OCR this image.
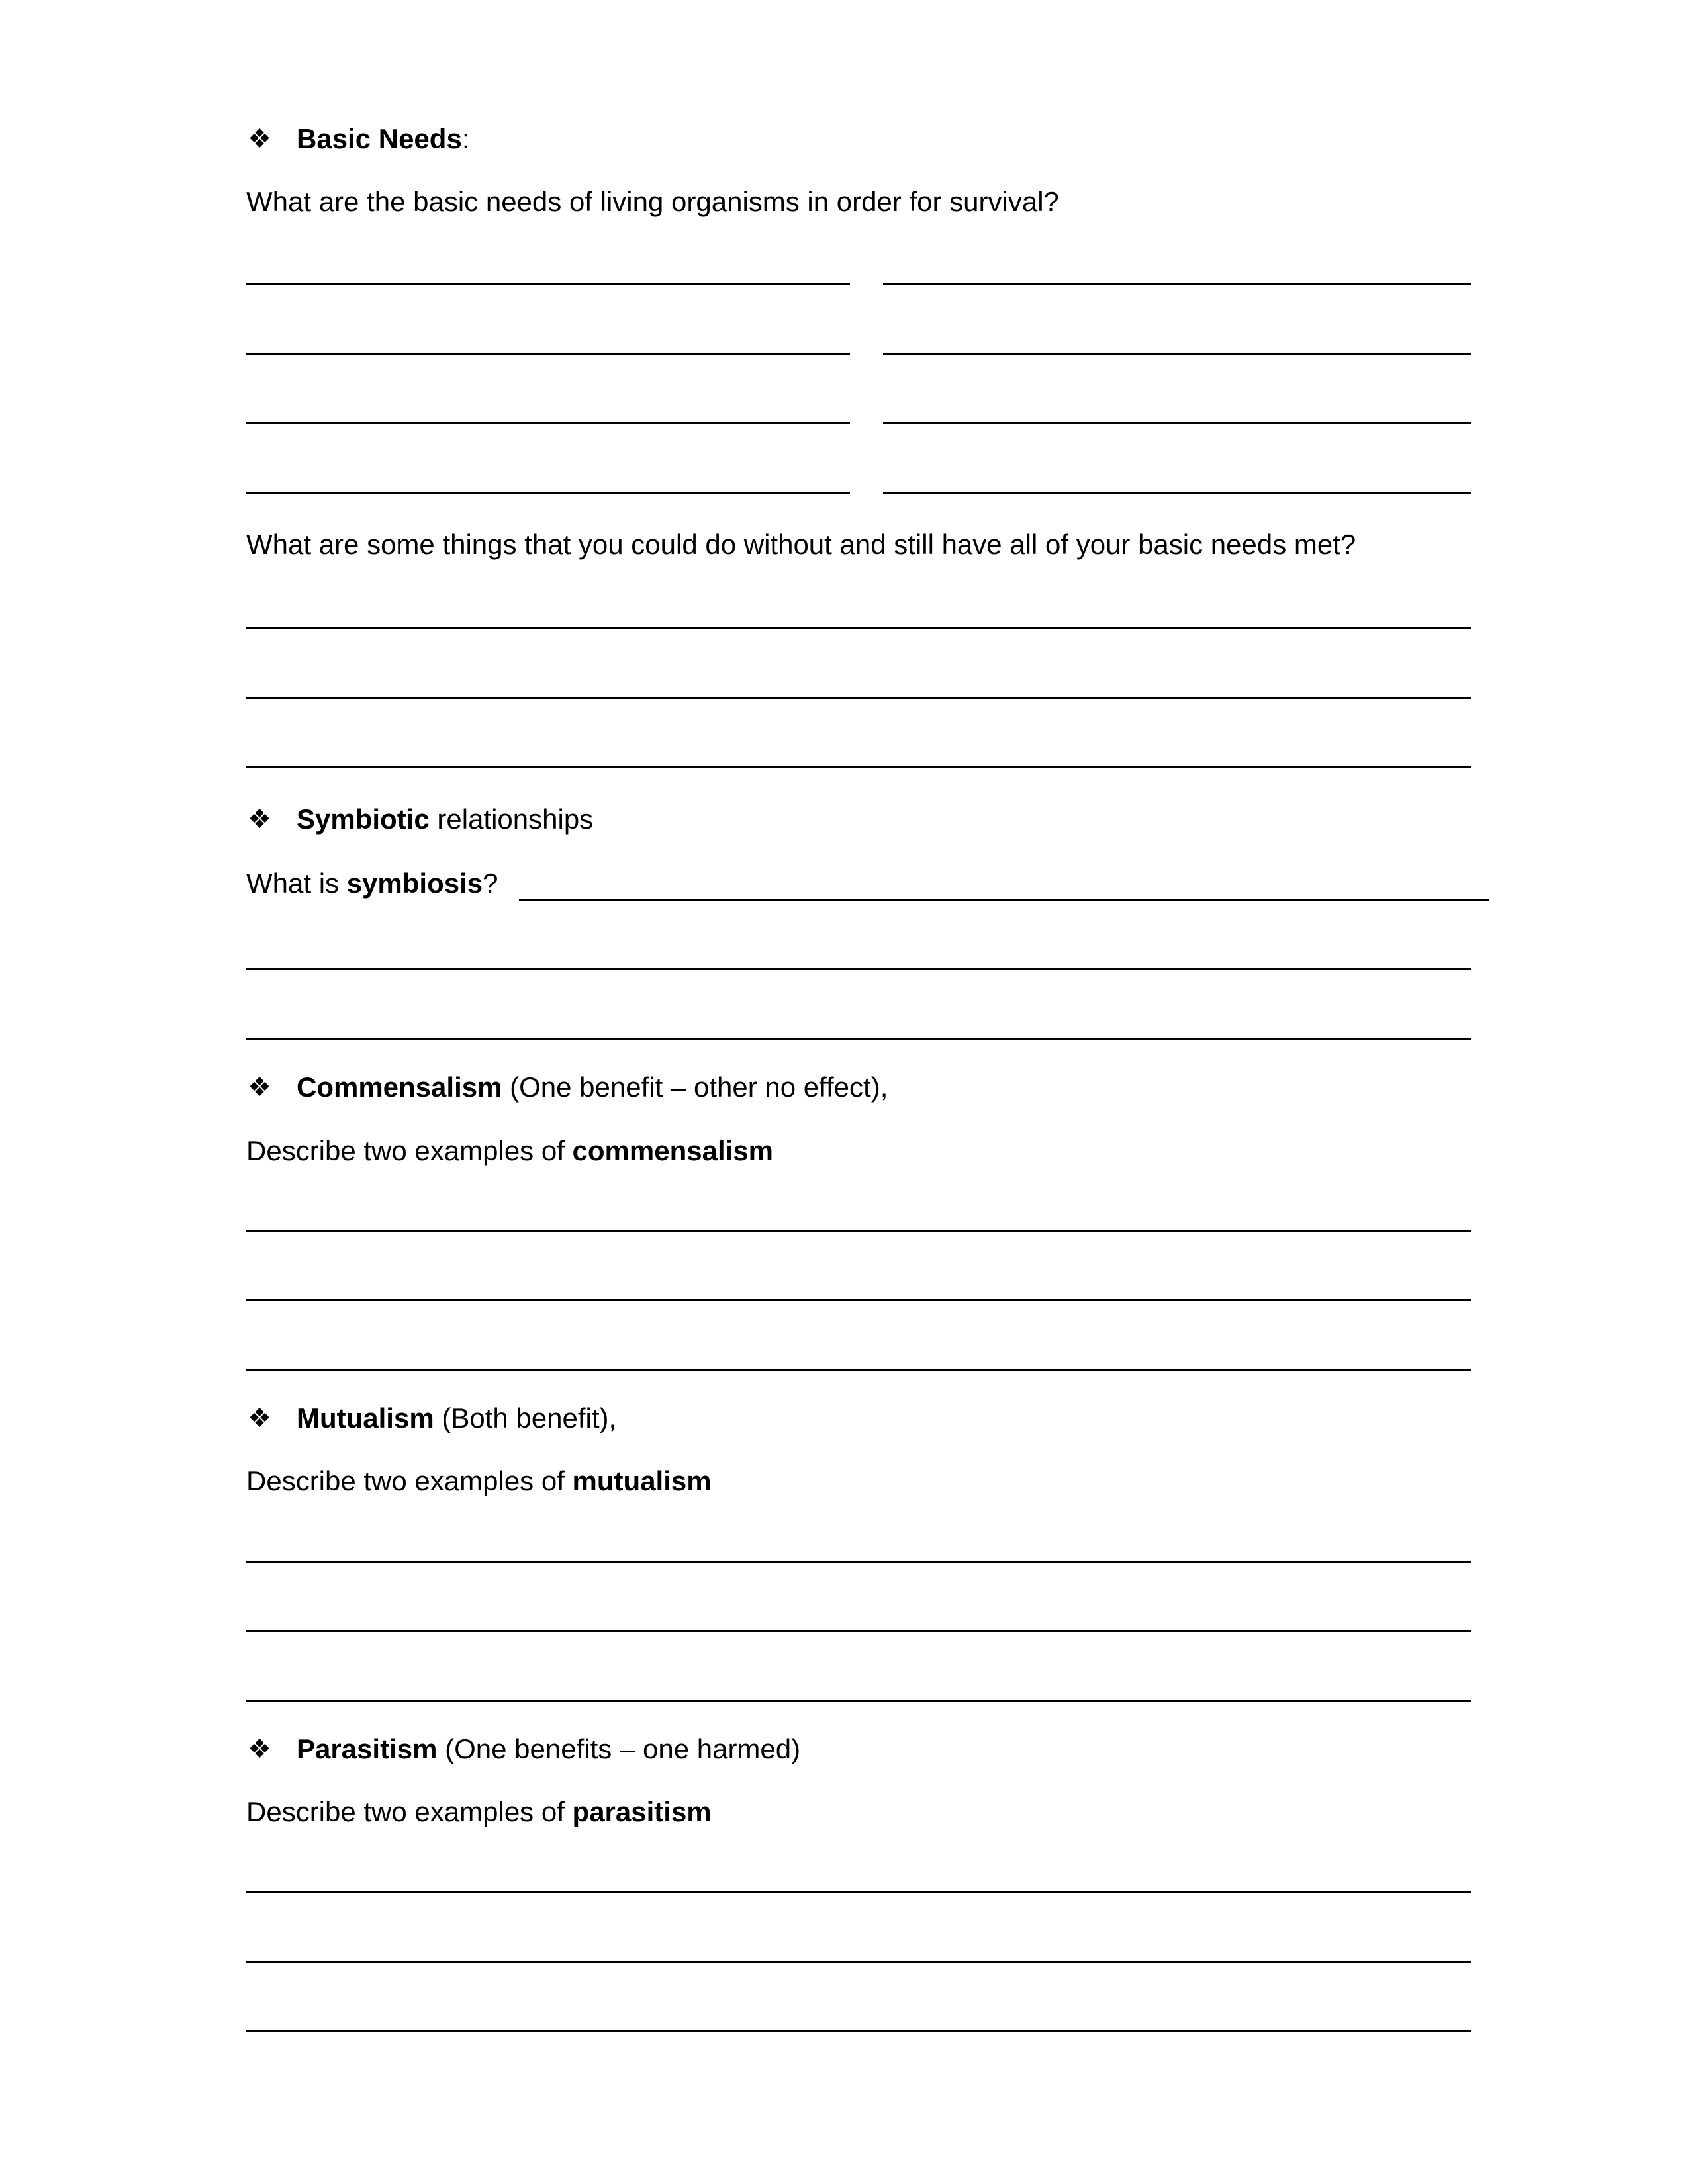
❖ Basic Needs:
What are the basic needs of living organisms in order for survival?
What are some things that you could do without and still have all of your basic needs met?
❖ Symbiotic relationships
What is symbiosis?
❖ Commensalism (One benefit – other no effect),
Describe two examples of commensalism
❖ Mutualism (Both benefit),
Describe two examples of mutualism
❖ Parasitism (One benefits – one harmed)
Describe two examples of parasitism
